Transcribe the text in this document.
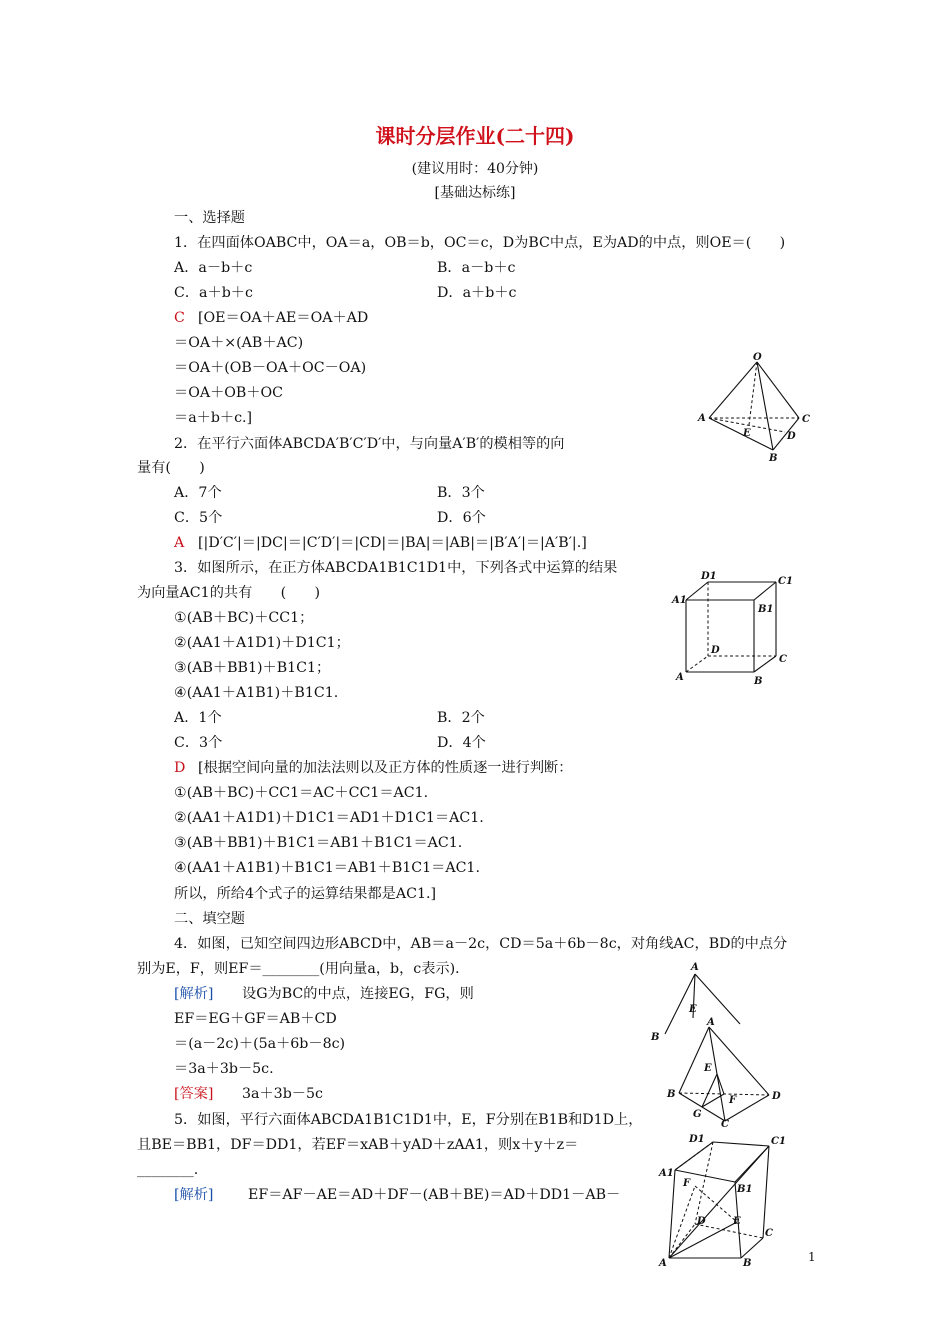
课时分层作业(二十四)
(建议用时：40分钟)
[基础达标练]
一、选择题
1．在四面体OABC中，OA＝a，OB＝b，OC＝c，D为BC中点，E为AD的中点，则OE＝(　　)
A．a－b＋c	B．a－b＋c
C．a＋b＋c	D．a＋b＋c
C [OE＝OA＋AE＝OA＋AD
＝OA＋×(AB＋AC)
＝OA＋(OB－OA＋OC－OA)
＝OA＋OB＋OC
＝a＋b＋c.]
2．在平行六面体ABCDA′B′C′D′中，与向量A′B′的模相等的向
量有(　　)
A．7个	B．3个
C．5个	D．6个
A [|D′C′|＝|DC|＝|C′D′|＝|CD|＝|BA|＝|AB|＝|B′A′|＝|A′B′|.]
3．如图所示，在正方体ABCDA1B1C1D1中，下列各式中运算的结果
为向量AC1的共有　　(　　)
①(AB＋BC)＋CC1；
②(AA1＋A1D1)＋D1C1；
③(AB＋BB1)＋B1C1；
④(AA1＋A1B1)＋B1C1.
A．1个	B．2个
C．3个	D．4个
D [根据空间向量的加法法则以及正方体的性质逐一进行判断：
①(AB＋BC)＋CC1＝AC＋CC1＝AC1.
②(AA1＋A1D1)＋D1C1＝AD1＋D1C1＝AC1.
③(AB＋BB1)＋B1C1＝AB1＋B1C1＝AC1.
④(AA1＋A1B1)＋B1C1＝AB1＋B1C1＝AC1.
所以，所给4个式子的运算结果都是AC1.]
二、填空题
4．如图，已知空间四边形ABCD中，AB＝a－2c，CD＝5a＋6b－8c，对角线AC，BD的中点分
别为E，F，则EF＝________(用向量a，b，c表示)．
[解析] 设G为BC的中点，连接EG，FG，则
EF＝EG＋GF＝AB＋CD
＝(a－2c)＋(5a＋6b－8c)
＝3a＋3b－5c.
[答案] 3a＋3b－5c
5．如图，平行六面体ABCDA1B1C1D1中，E，F分别在B1B和D1D上，
且BE＝BB1，DF＝DD1，若EF＝xAB＋yAD＋zAA1，则x＋y＋z＝
________.
[解析] EF＝AF－AE＝AD＋DF－(AB＋BE)＝AD＋DD1－AB－
1
O
A	C
E	D
B
D1	C1
A1
B1
D
C
A	B
A
E
B
A
E
B
F	D
G
C
D1	C1
A1
F
B1
D	E
C
A	B
